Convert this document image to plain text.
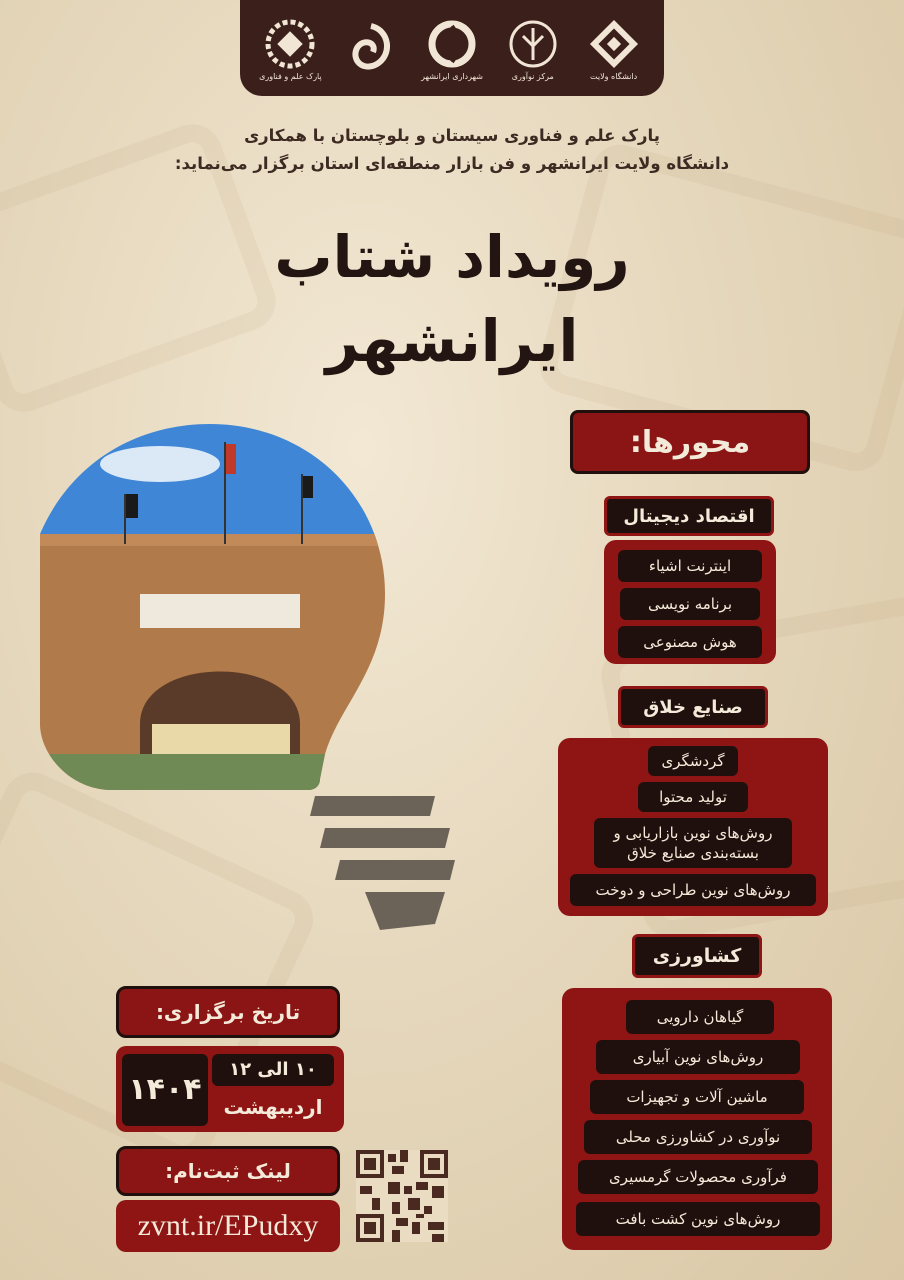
پارک علم و فناوری	شهرداری ایرانشهر	مرکز نوآوری	دانشگاه ولایت
پارک علم و فناوری سیستان و بلوچستان با همکاری
دانشگاه ولایت ایرانشهر و فن بازار منطقه‌ای استان برگزار می‌نماید:
رویداد شتاب
ایرانشهر
محورها:
اقتصاد دیجیتال
اینترنت اشیاء
برنامه نویسی
هوش مصنوعی
صنایع خلاق
گردشگری
تولید محتوا
روش‌های نوین بازاریابی و بسته‌بندی صنایع خلاق
روش‌های نوین طراحی و دوخت
کشاورزی
گیاهان دارویی
روش‌های نوین آبیاری
ماشین آلات و تجهیزات
نوآوری در کشاورزی محلی
فرآوری محصولات گرمسیری
روش‌های نوین کشت بافت
تاریخ برگزاری:
۱۴۰۴
۱۰ الی ۱۲
اردیبهشت
لینک ثبت‌نام:
zvnt.ir/EPudxy
